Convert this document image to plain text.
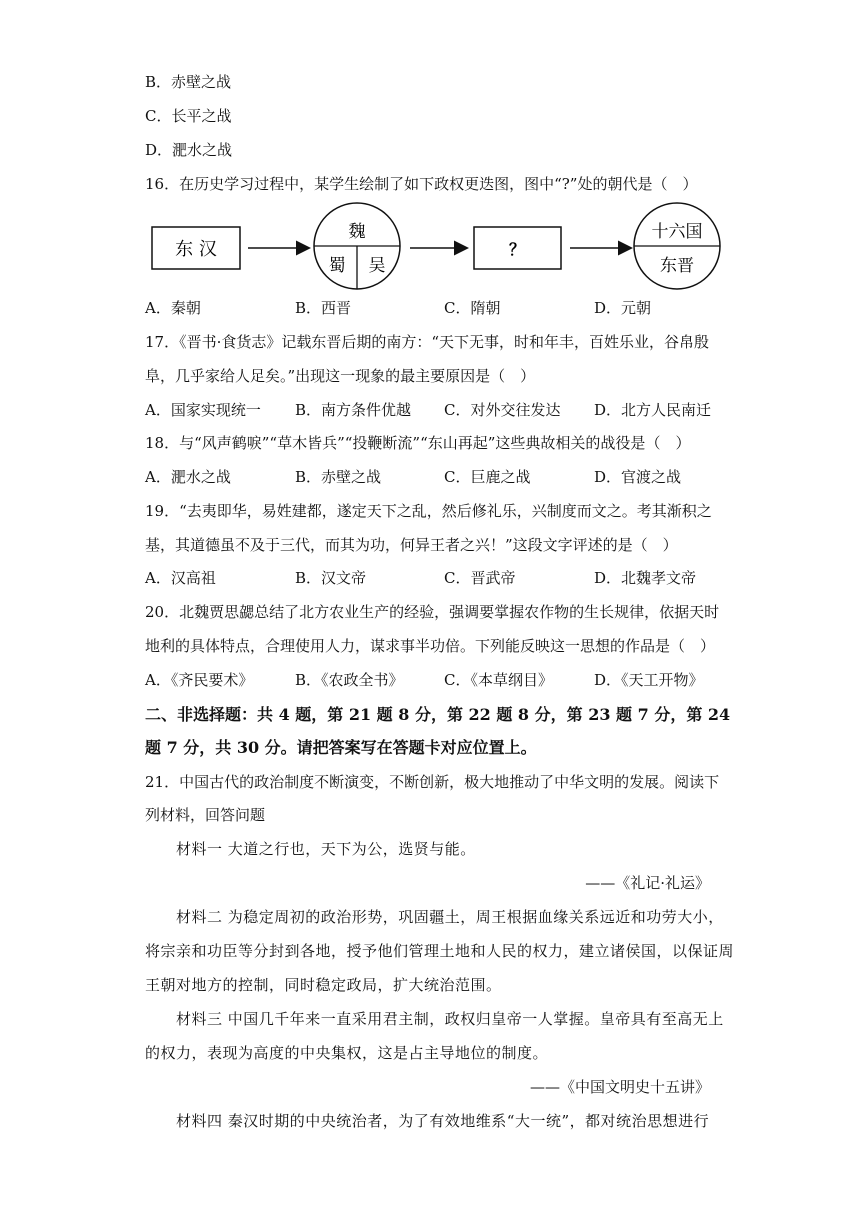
B．赤壁之战
C．长平之战
D．淝水之战
16．在历史学习过程中，某学生绘制了如下政权更迭图，图中“?”处的朝代是（　）
东 汉
魏
蜀 吴
？
十六国
东晋
A．秦朝	B．西晋	C．隋朝	D．元朝
17．《晋书·食货志》记载东晋后期的南方：“天下无事，时和年丰，百姓乐业，谷帛殷
阜，几乎家给人足矣。”出现这一现象的最主要原因是（　）
A．国家实现统一 B．南方条件优越 C．对外交往发达 D．北方人民南迁
18．与“风声鹤唳”“草木皆兵”“投鞭断流”“东山再起”这些典故相关的战役是（　）
A．淝水之战	B．赤壁之战	C．巨鹿之战	D．官渡之战
19．“去夷即华，易姓建都，遂定天下之乱，然后修礼乐，兴制度而文之。考其渐积之
基，其道德虽不及于三代，而其为功，何异王者之兴！”这段文字评述的是（　）
A．汉高祖	B．汉文帝	C．晋武帝	D．北魏孝文帝
20．北魏贾思勰总结了北方农业生产的经验，强调要掌握农作物的生长规律，依据天时
地利的具体特点，合理使用人力，谋求事半功倍。下列能反映这一思想的作品是（　）
A．《齐民要术》	B．《农政全书》	C．《本草纲目》	D．《天工开物》
二、非选择题：共 4 题，第 21 题 8 分，第 22 题 8 分，第 23 题 7 分，第 24
题 7 分，共 30 分。请把答案写在答题卡对应位置上。
21．中国古代的政治制度不断演变，不断创新，极大地推动了中华文明的发展。阅读下
列材料，回答问题
材料一 大道之行也，天下为公，选贤与能。
——《礼记·礼运》
材料二 为稳定周初的政治形势，巩固疆土，周王根据血缘关系远近和功劳大小，
将宗亲和功臣等分封到各地，授予他们管理土地和人民的权力，建立诸侯国，以保证周
王朝对地方的控制，同时稳定政局，扩大统治范围。
材料三 中国几千年来一直采用君主制，政权归皇帝一人掌握。皇帝具有至高无上
的权力，表现为高度的中央集权，这是占主导地位的制度。
——《中国文明史十五讲》
材料四 秦汉时期的中央统治者，为了有效地维系“大一统”，都对统治思想进行
